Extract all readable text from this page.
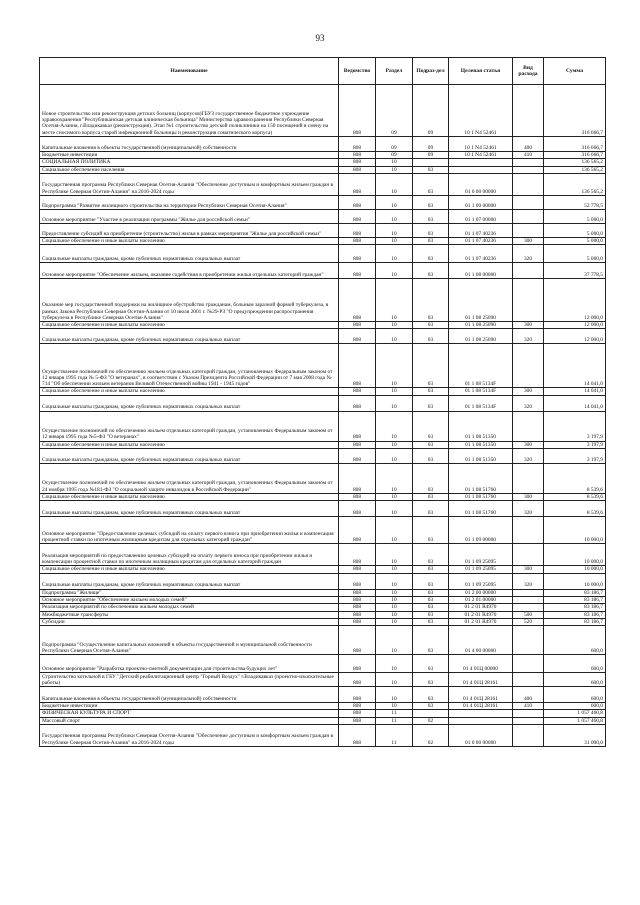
93
Наименование	Ведомство	Раздел	Подраз-дел	Целевая статья	Вид расхода	Сумма
Новое строительство или реконструкция детских больниц (корпусов)ГБУЗ государственное бюджетное учреждение здравоохранения "Республиканская детская клиническая больница" Министерства здравоохранения Республики Северная Осетия-Алания, г.Владикавказ (реконструкция). Этап №1 строительство детской поликлиники на 150 посещений в смену на месте сносимого корпуса старой инфекционной больницы и реконструкция соматического корпуса)	808	09	09	10 1 N4 52461		316 666,7
Капитальные вложения в объекты государственной (муниципальной) собственности	808	09	09	10 1 N4 52461	400	316 666,7
Бюджетные инвестиции	808	09	09	10 1 N4 52461	410	316 666,7
СОЦИАЛЬНАЯ ПОЛИТИКА	808	10				136 565,2
Социальное обеспечение населения	808	10	03			136 565,2
Государственная программа Республики Северная Осетия-Алания "Обеспечение доступным и комфортным жильем граждан в Республике Северная Осетия-Алания" на 2016-2024 годы	808	10	03	01 0 00 00000		136 565,2
Подпрограмма "Развитие жилищного строительства на территории Республики Северная Осетия-Алания"	808	10	03	01 1 00 00000		52 778,5
Основное мероприятие "Участие в реализации программы "Жилье для российской семьи"	808	10	03	01 1 07 00000		5 000,0
Предоставление субсидий на приобретение (строительство) жилья в рамках мероприятия "Жилье для российской семьи"	808	10	03	01 1 07 40236		5 000,0
Социальное обеспечение и иные выплаты населению	808	10	03	01 1 07 40236	300	5 000,0
Социальные выплаты гражданам, кроме публичных нормативных социальных выплат	808	10	03	01 1 07 40236	320	5 000,0
Основное мероприятие "Обеспечение жильем, оказание содействия в приобретении жилья отдельных категорий граждан"	808	10	03	01 1 08 00000		37 778,5
Оказание мер государственной поддержки на жилищное обустройство гражданам, больным заразной формой туберкулеза, в рамках Закона Республики Северная Осетия-Алания от 10 июля 2001 г. №29-РЗ "О предупреждении распространения туберкулеза в Республике Северная Осетия-Алания"	808	10	03	01 1 08 25090		12 000,0
Социальное обеспечение и иные выплаты населению	808	10	03	01 1 08 25090	300	12 000,0
Социальные выплаты гражданам, кроме публичных нормативных социальных выплат	808	10	03	01 1 08 25090	320	12 000,0
Осуществление полномочий по обеспечению жильем отдельных категорий граждан, установленных Федеральным законом от 12 января 1995 года № 5-ФЗ "О ветеранах", в соответствии с Указом Президента Российской Федерации от 7 мая 2008 года № 714 "Об обеспечении жильем ветеранов Великой Отечественной войны 1941 - 1945 годов"	808	10	03	01 1 08 5134F		14 041,0
Социальное обеспечение и иные выплаты населению	808	10	03	01 1 08 5134F	300	14 041,0
Социальные выплаты гражданам, кроме публичных нормативных социальных выплат	808	10	03	01 1 08 5134F	320	14 041,0
Осуществление полномочий по обеспечению жильем отдельных категорий граждан, установленных Федеральным законом от 12 января 1995 года №5-ФЗ "О ветеранах"	808	10	03	01 1 08 51350		3 197,9
Социальное обеспечение и иные выплаты населению	808	10	03	01 1 08 51350	300	3 197,9
Социальные выплаты гражданам, кроме публичных нормативных социальных выплат	808	10	03	01 1 08 51350	320	3 197,9
Осуществление полномочий по обеспечению жильем отдельных категорий граждан, установленных Федеральным законом от 24 ноября 1995 года №181-ФЗ "О социальной защите инвалидов в Российской Федерации"	808	10	03	01 1 08 51760		8 539,6
Социальное обеспечение и иные выплаты населению	808	10	03	01 1 08 51760	300	8 539,6
Социальные выплаты гражданам, кроме публичных нормативных социальных выплат	808	10	03	01 1 08 51760	320	8 539,6
Основное мероприятие "Предоставление целевых субсидий на оплату первого взноса при приобретении жилья и компенсация процентной ставки по ипотечным жилищным кредитам для отдельных категорий граждан"	808	10	03	01 1 09 00000		10 000,0
Реализация мероприятий по предоставлению целевых субсидий на оплату первого взноса при приобретении жилья и компенсации процентной ставки по ипотечным жилищным кредитам для отдельных категорий граждан	808	10	03	01 1 09 25095		10 000,0
Социальное обеспечение и иные выплаты населению	808	10	03	01 1 09 25095	300	10 000,0
Социальные выплаты гражданам, кроме публичных нормативных социальных выплат	808	10	03	01 1 09 25095	320	10 000,0
Подпрограмма "Жилище"	808	10	03	01 2 00 00000		83 186,7
Основное мероприятие "Обеспечение жильем молодых семей"	808	10	03	01 2 01 00000		83 186,7
Реализация мероприятий по обеспечению жильем молодых семей	808	10	03	01 2 01 R4970		83 186,7
Межбюджетные трансферты	808	10	03	01 2 01 R4970	500	83 186,7
Субсидии	808	10	03	01 2 01 R4970	520	83 186,7
Подпрограмма "Осуществление капитальных вложений в объекты государственной и муниципальной собственности Республики Северная Осетия-Алания"	808	10	03	01 4 00 00000		600,0
Основное мероприятие "Разработка проектно-сметной документации для строительства будущих лет"	808	10	03	01 4 01Ц 00000		600,0
Строительство котельной в ГБУ "Детский реабилитационный центр "Горный Воздух" г.Владикавказ (проектно-изыскательные работы)	808	10	03	01 4 01Ц 28161		600,0
Капитальные вложения в объекты государственной (муниципальной) собственности	808	10	03	01 4 01Ц 28161	400	600,0
Бюджетные инвестиции	808	10	03	01 4 01Ц 28161	410	600,0
ФИЗИЧЕСКАЯ КУЛЬТУРА И СПОРТ	808	11				1 057 460,8
Массовый спорт	808	11	02			1 057 460,8
Государственная программа Республики Северная Осетия-Алания "Обеспечение доступным и комфортным жильем граждан в Республике Северная Осетия-Алания" на 2016-2024 годы	808	11	02	01 0 00 00000		31 000,0
